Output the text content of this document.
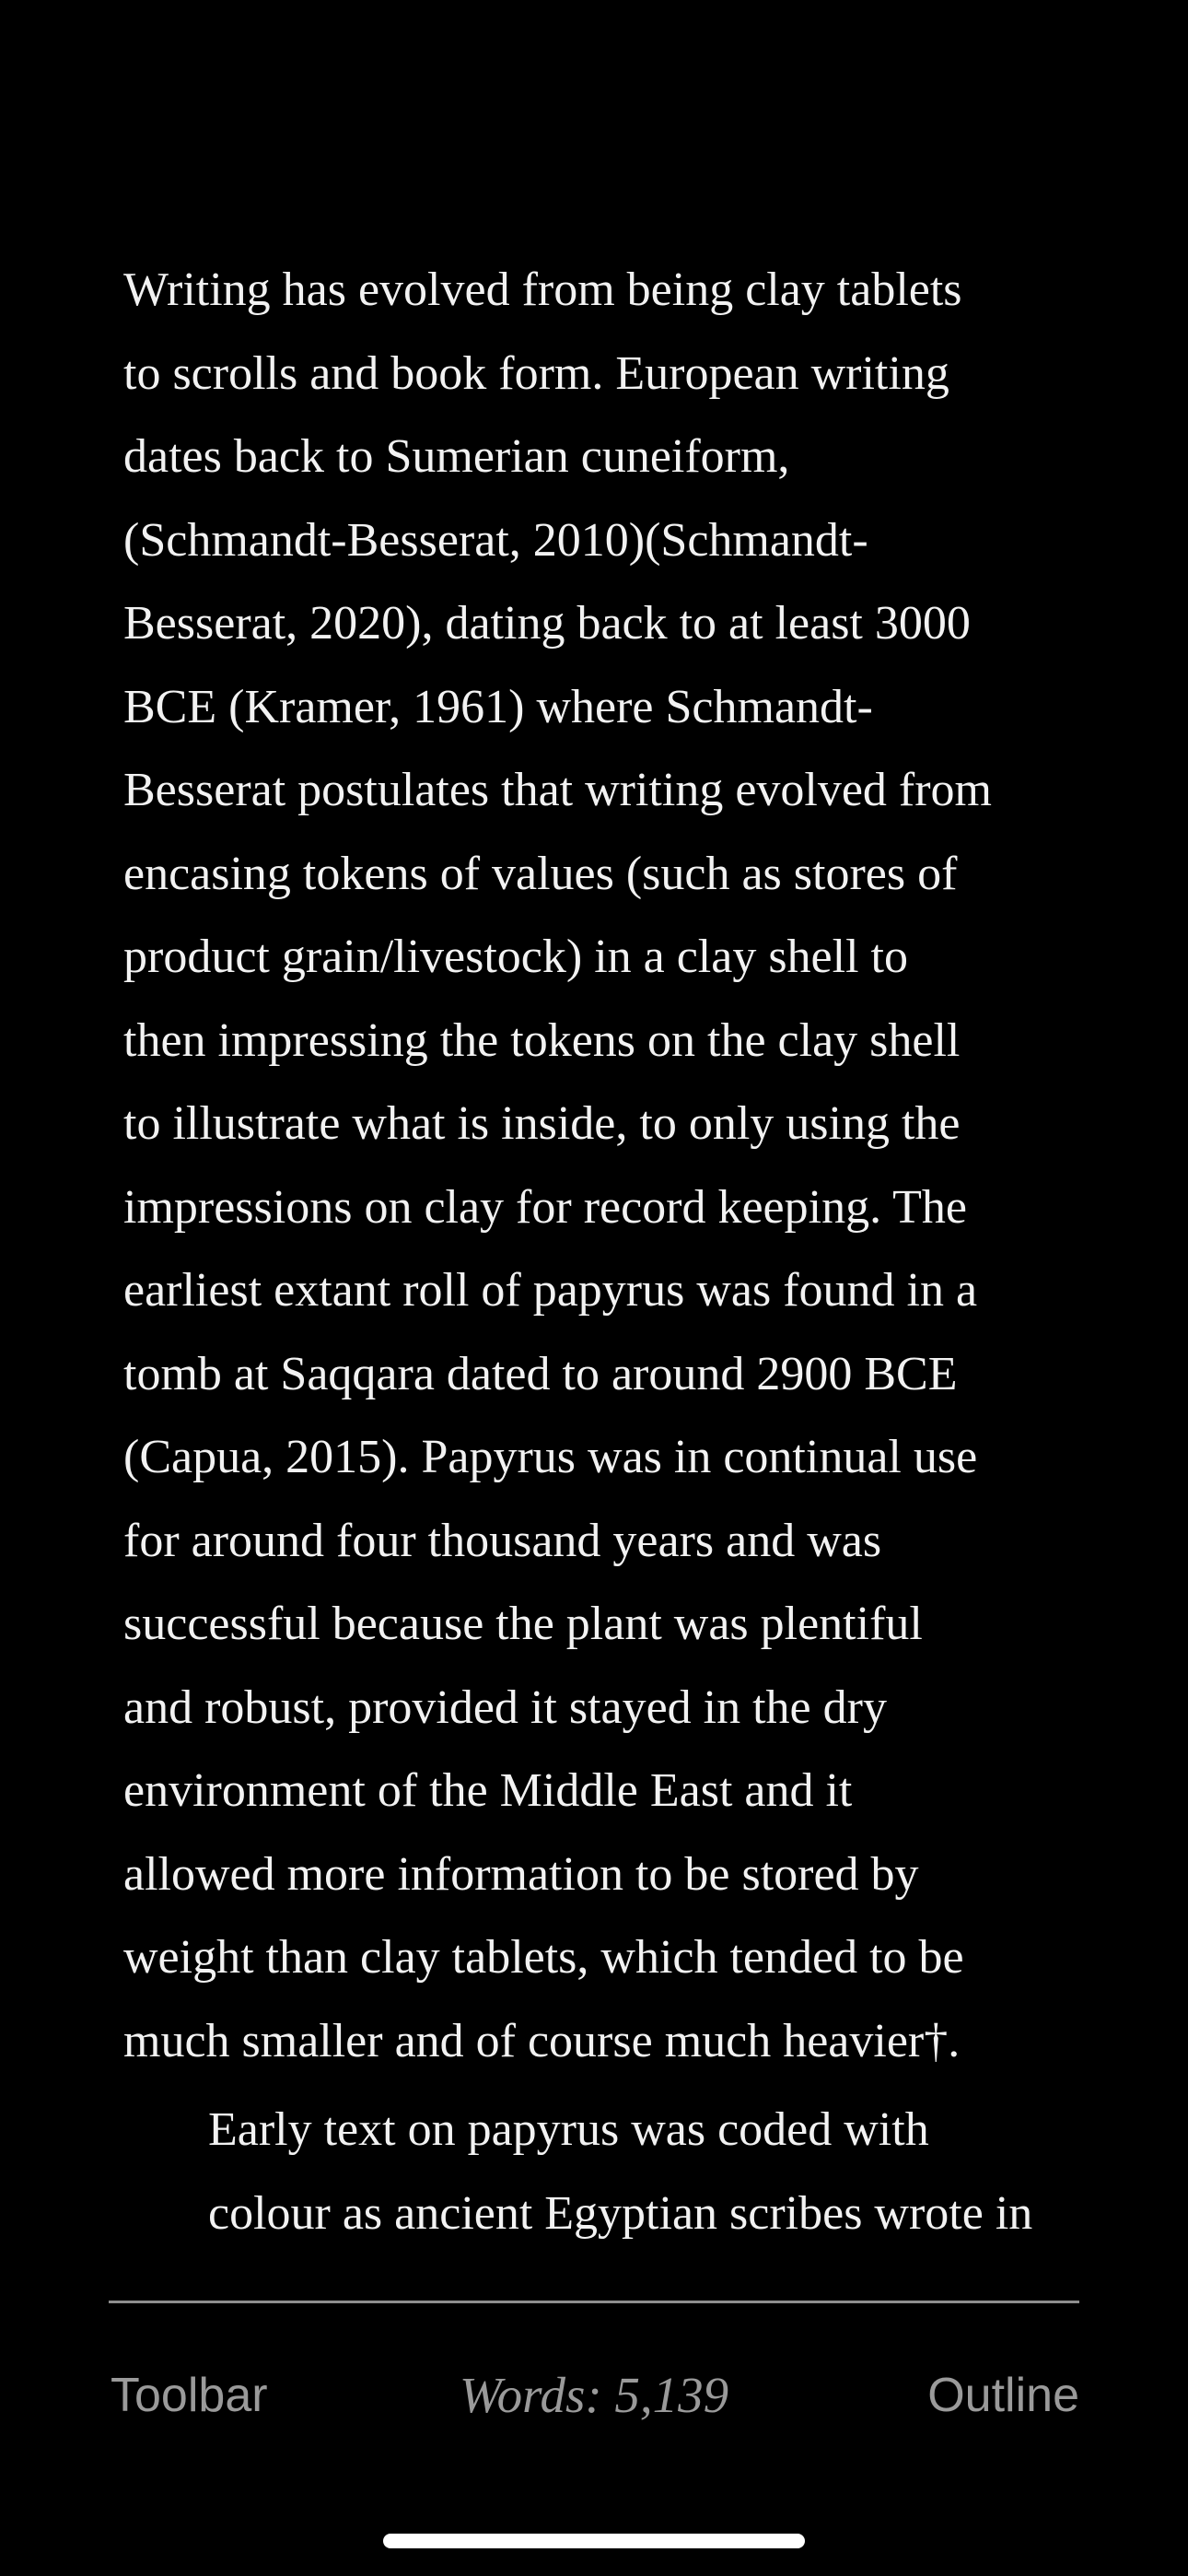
Writing has evolved from being clay tablets
to scrolls and book form. European writing
dates back to Sumerian cuneiform,
(Schmandt-Besserat, 2010)(Schmandt-
Besserat, 2020), dating back to at least 3000
BCE (Kramer, 1961) where Schmandt-
Besserat postulates that writing evolved from
encasing tokens of values (such as stores of
product grain/livestock) in a clay shell to
then impressing the tokens on the clay shell
to illustrate what is inside, to only using the
impressions on clay for record keeping. The
earliest extant roll of papyrus was found in a
tomb at Saqqara dated to around 2900 BCE
(Capua, 2015). Papyrus was in continual use
for around four thousand years and was
successful because the plant was plentiful
and robust, provided it stayed in the dry
environment of the Middle East and it
allowed more information to be stored by
weight than clay tablets, which tended to be
much smaller and of course much heavier†.

Early text on papyrus was coded with
colour as ancient Egyptian scribes wrote in

Toolbar	Words: 5,139	Outline
